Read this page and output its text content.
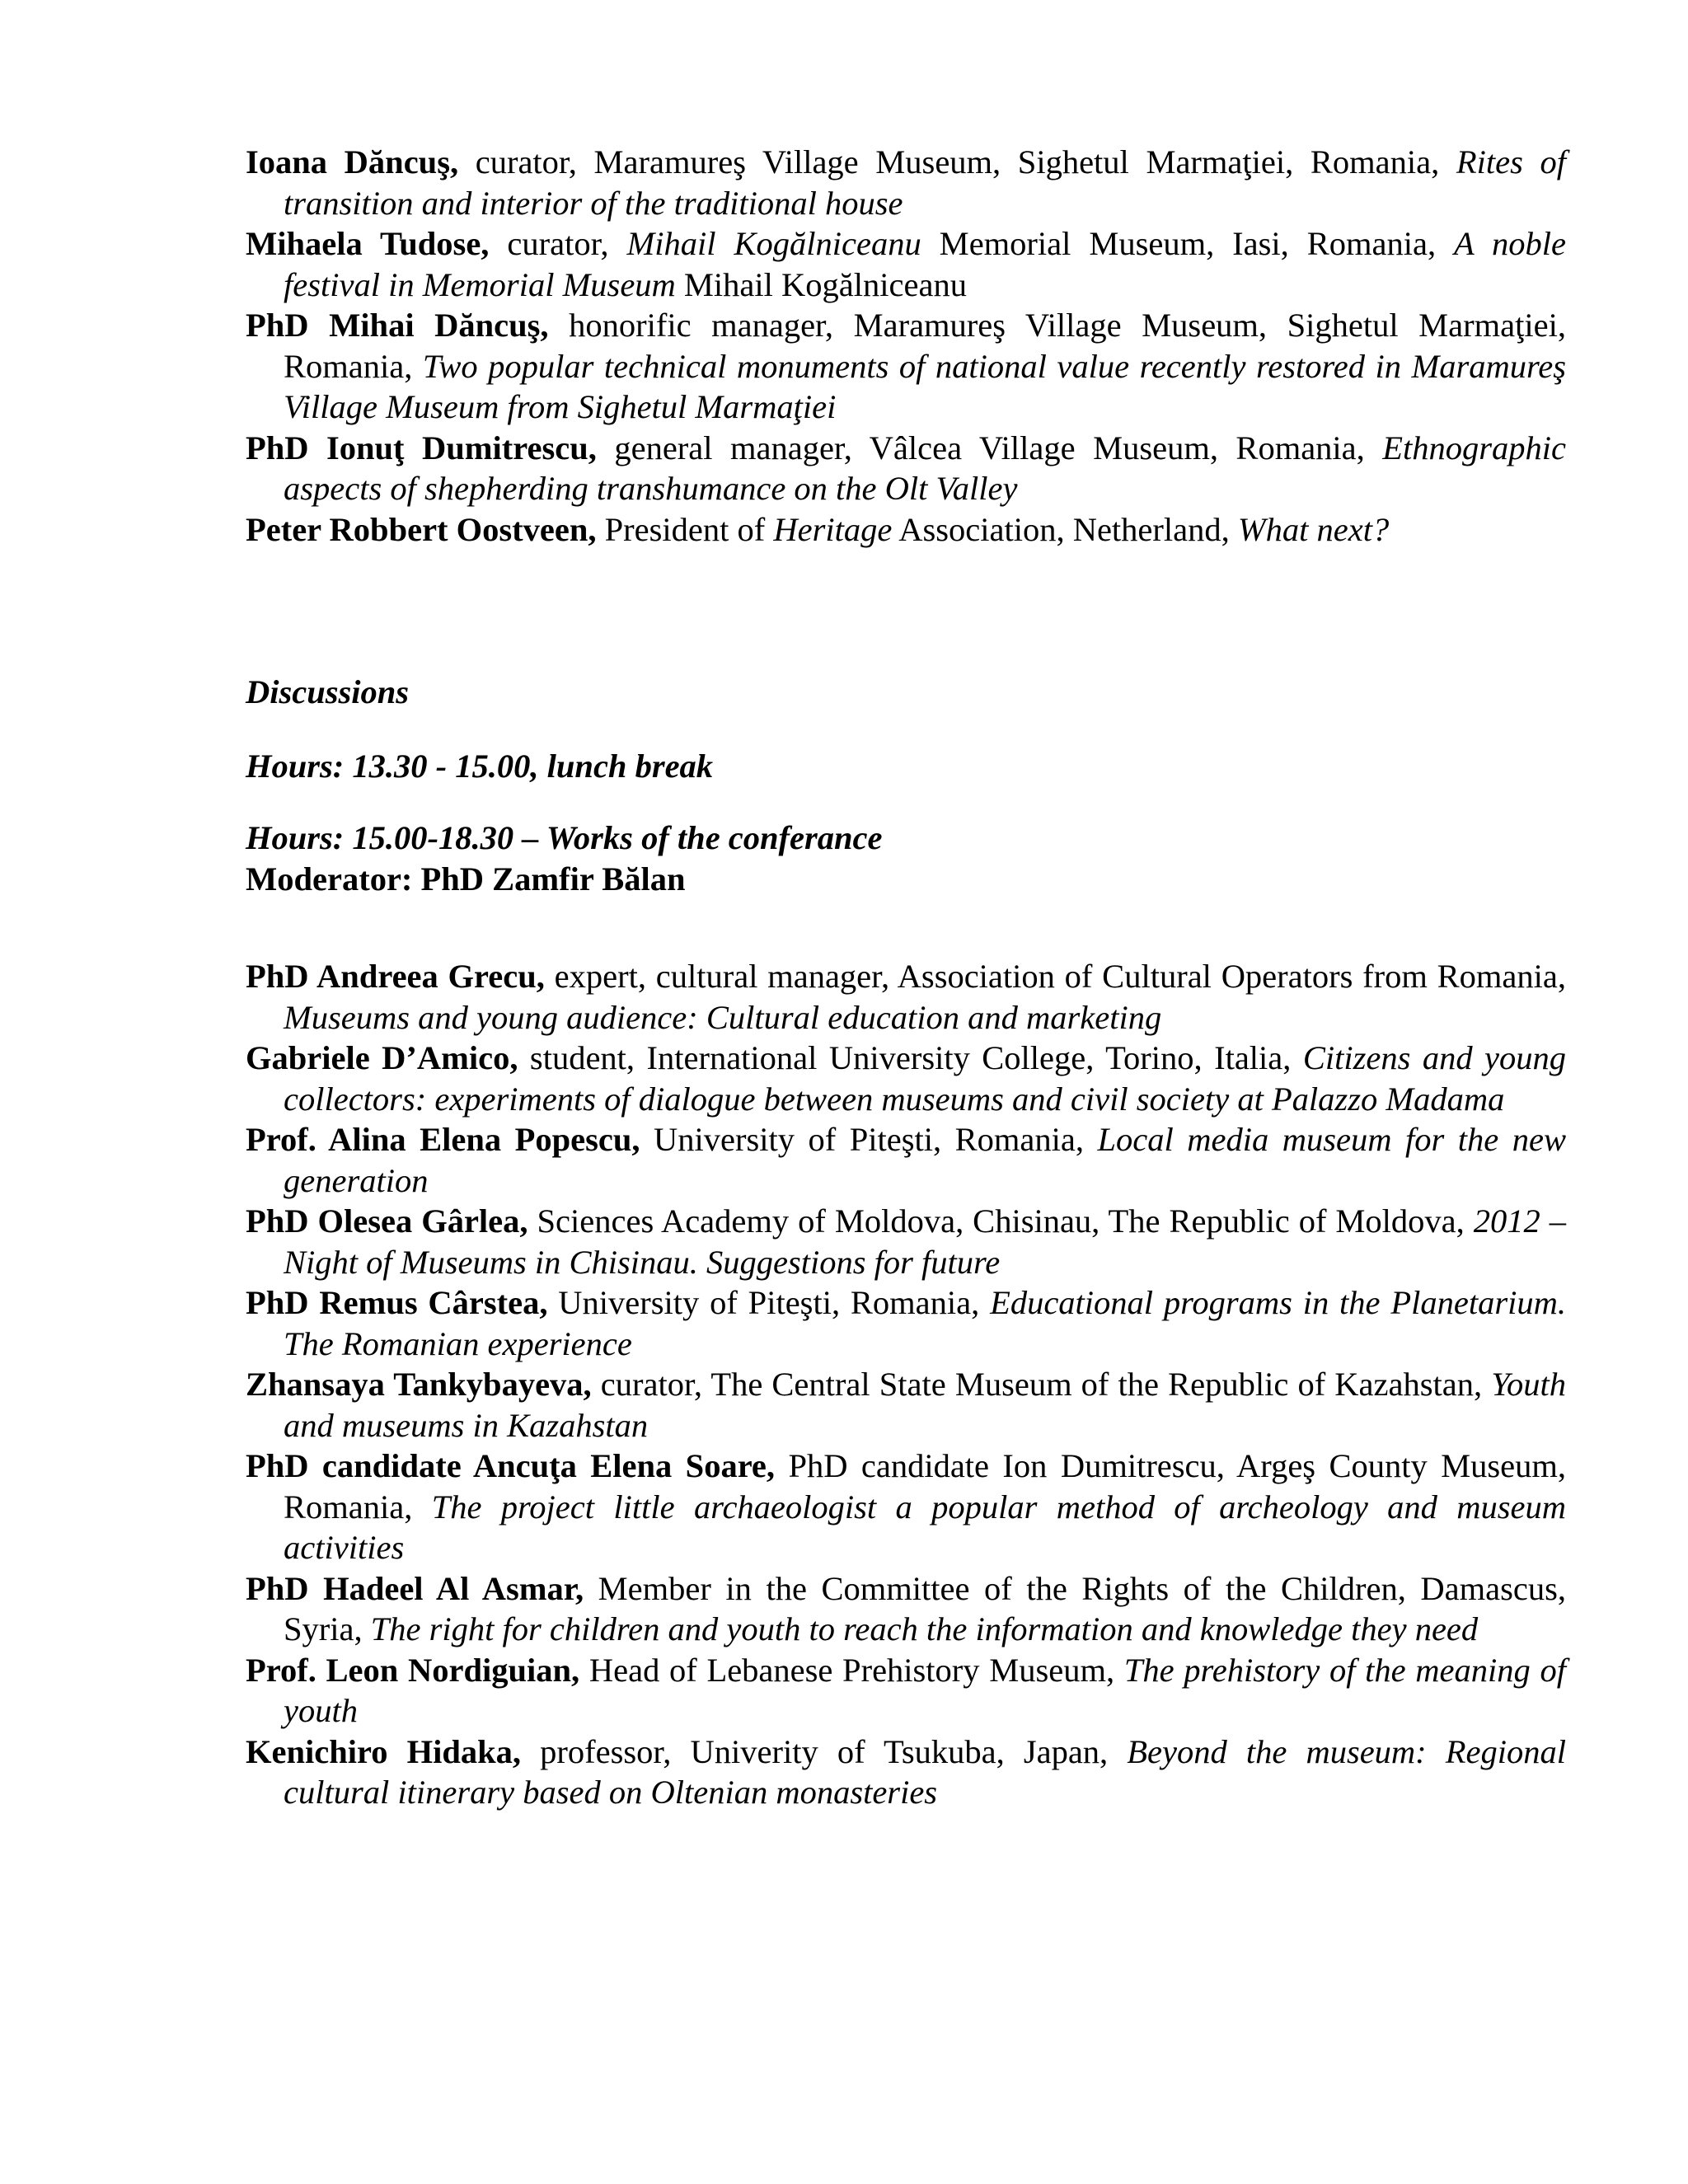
Ioana Dăncuş, curator, Maramureş Village Museum, Sighetul Marmaţiei, Romania, Rites of transition and interior of the traditional house
Mihaela Tudose, curator, Mihail Kogălniceanu Memorial Museum, Iasi, Romania, A noble festival in Memorial Museum Mihail Kogălniceanu
PhD Mihai Dăncuş, honorific manager, Maramureş Village Museum, Sighetul Marmaţiei, Romania, Two popular technical monuments of national value recently restored in Maramureş Village Museum from Sighetul Marmaţiei
PhD Ionuţ Dumitrescu, general manager, Vâlcea Village Museum, Romania, Ethnographic aspects of shepherding transhumance on the Olt Valley
Peter Robbert Oostveen, President of Heritage Association, Netherland, What next?
Discussions
Hours: 13.30 - 15.00, lunch break
Hours: 15.00-18.30 – Works of the conferance
Moderator: PhD Zamfir Bălan
PhD Andreea Grecu, expert, cultural manager, Association of Cultural Operators from Romania, Museums and young audience: Cultural education and marketing
Gabriele D’Amico, student, International University College, Torino, Italia, Citizens and young collectors: experiments of dialogue between museums and civil society at Palazzo Madama
Prof. Alina Elena Popescu, University of Piteşti, Romania, Local media museum for the new generation
PhD Olesea Gârlea, Sciences Academy of Moldova, Chisinau, The Republic of Moldova, 2012 – Night of Museums in Chisinau. Suggestions for future
PhD Remus Cârstea, University of Piteşti, Romania, Educational programs in the Planetarium. The Romanian experience
Zhansaya Tankybayeva, curator, The Central State Museum of the Republic of Kazahstan, Youth and museums in Kazahstan
PhD candidate Ancuţa Elena Soare, PhD candidate Ion Dumitrescu, Argeş County Museum, Romania, The project little archaeologist a popular method of archeology and museum activities
PhD Hadeel Al Asmar, Member in the Committee of the Rights of the Children, Damascus, Syria, The right for children and youth to reach the information and knowledge they need
Prof. Leon Nordiguian, Head of Lebanese Prehistory Museum, The prehistory of the meaning of youth
Kenichiro Hidaka, professor, Univerity of Tsukuba, Japan, Beyond the museum: Regional cultural itinerary based on Oltenian monasteries
